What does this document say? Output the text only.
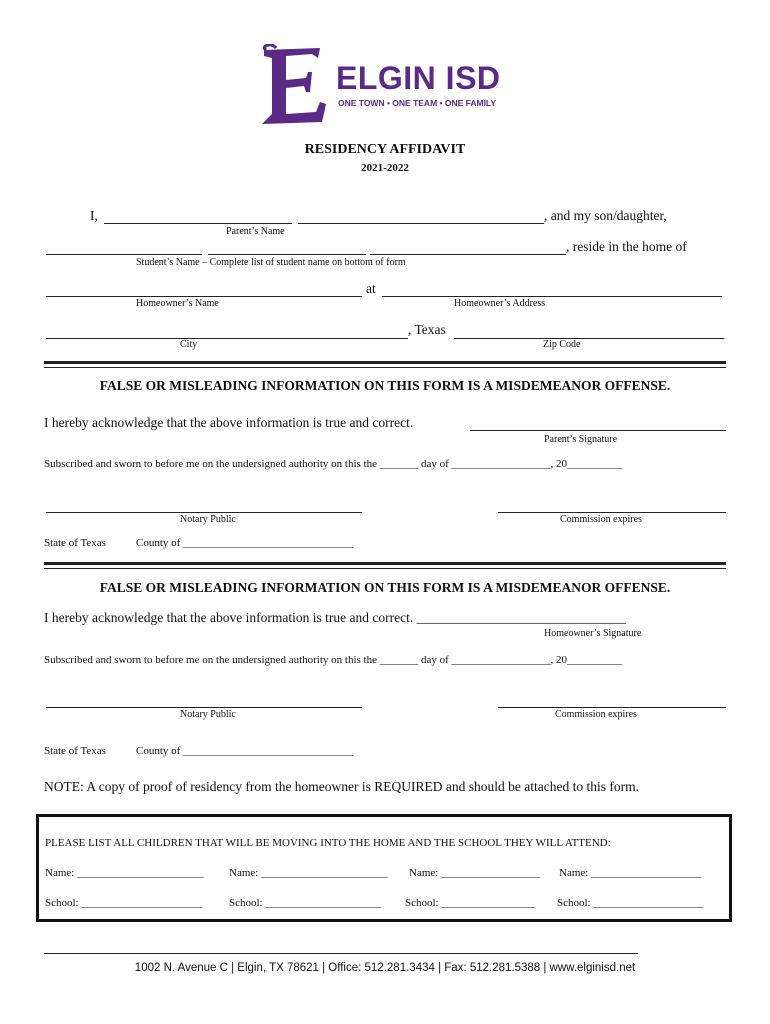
ELGIN ISD
ONE TOWN • ONE TEAM • ONE FAMILY
RESIDENCY AFFIDAVIT
2021-2022
I,	, and my son/daughter,
Parent’s Name
, reside in the home of
Student’s Name – Complete list of student name on bottom of form
at
Homeowner’s Name	Homeowner’s Address
, Texas
City	Zip Code
FALSE OR MISLEADING INFORMATION ON THIS FORM IS A MISDEMEANOR OFFENSE.
I hereby acknowledge that the above information is true and correct.
Parent’s Signature
Subscribed and sworn to before me on the undersigned authority on this the _______ day of __________________, 20__________
Notary Public	Commission expires
State of Texas	County of _______________________________
FALSE OR MISLEADING INFORMATION ON THIS FORM IS A MISDEMEANOR OFFENSE.
I hereby acknowledge that the above information is true and correct. _______________________________
Homeowner’s Signature
Subscribed and sworn to before me on the undersigned authority on this the _______ day of __________________, 20__________
Notary Public	Commission expires
State of Texas	County of _______________________________
NOTE: A copy of proof of residency from the homeowner is REQUIRED and should be attached to this form.
PLEASE LIST ALL CHILDREN THAT WILL BE MOVING INTO THE HOME AND THE SCHOOL THEY WILL ATTEND:
Name: _______________________ Name: _______________________ Name: __________________ Name: ____________________
School: ______________________ School: _____________________ School: _________________ School: ____________________
1002 N. Avenue C | Elgin, TX 78621 | Office: 512.281.3434 | Fax: 512.281.5388 | www.elginisd.net
